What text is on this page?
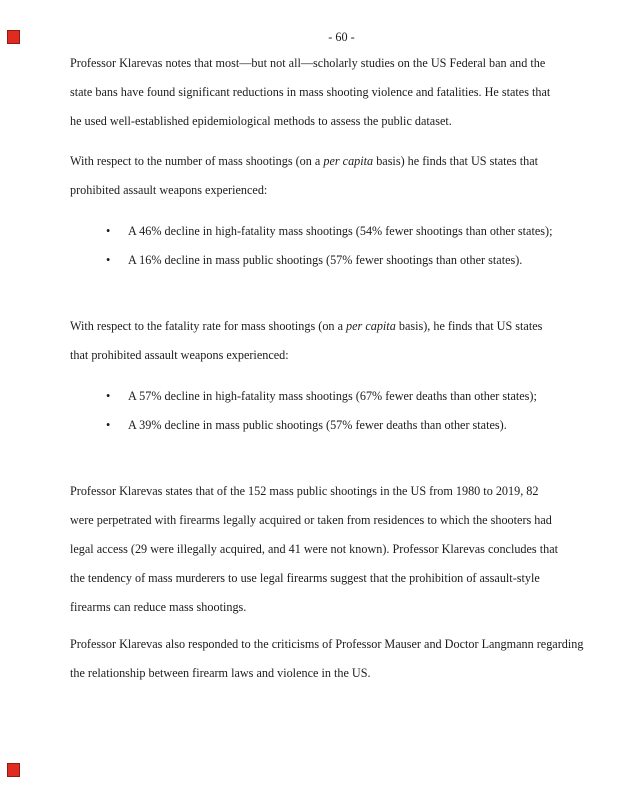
- 60 -
Professor Klarevas notes that most—but not all—scholarly studies on the US Federal ban and the
state bans have found significant reductions in mass shooting violence and fatalities. He states that
he used well-established epidemiological methods to assess the public dataset.
With respect to the number of mass shootings (on a per capita basis) he finds that US states that
prohibited assault weapons experienced:
• A 46% decline in high-fatality mass shootings (54% fewer shootings than other states);
• A 16% decline in mass public shootings (57% fewer shootings than other states).
With respect to the fatality rate for mass shootings (on a per capita basis), he finds that US states
that prohibited assault weapons experienced:
• A 57% decline in high-fatality mass shootings (67% fewer deaths than other states);
• A 39% decline in mass public shootings (57% fewer deaths than other states).
Professor Klarevas states that of the 152 mass public shootings in the US from 1980 to 2019, 82
were perpetrated with firearms legally acquired or taken from residences to which the shooters had
legal access (29 were illegally acquired, and 41 were not known). Professor Klarevas concludes that
the tendency of mass murderers to use legal firearms suggest that the prohibition of assault-style
firearms can reduce mass shootings.
Professor Klarevas also responded to the criticisms of Professor Mauser and Doctor Langmann regarding
the relationship between firearm laws and violence in the US.
